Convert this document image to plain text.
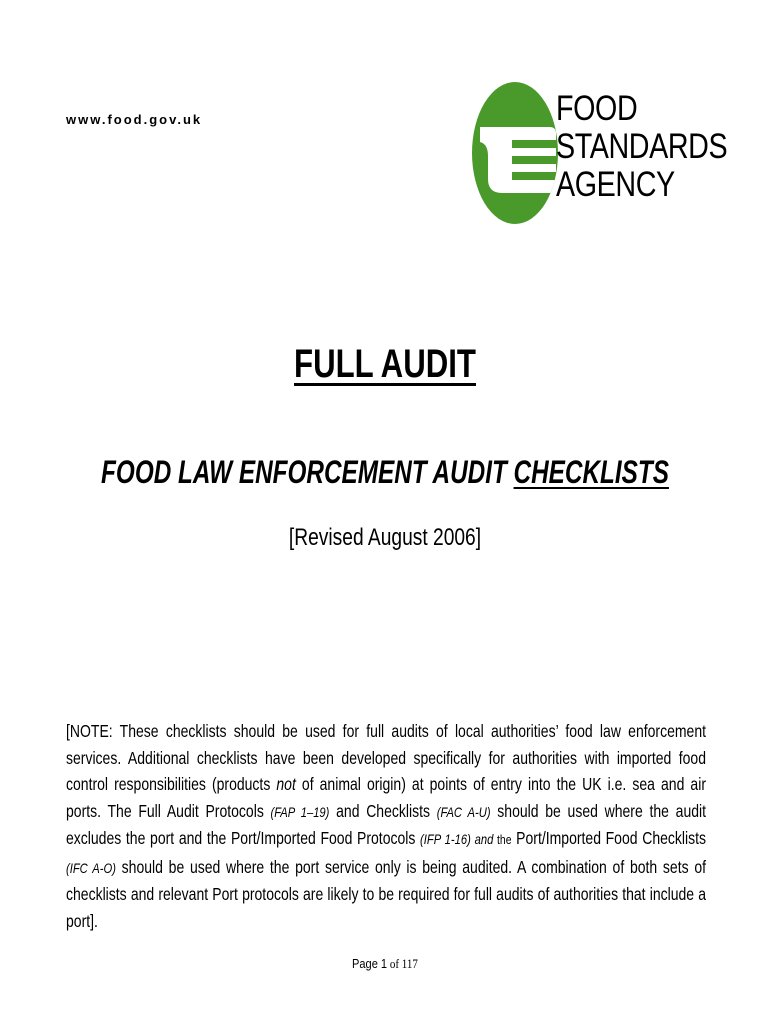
www.food.gov.uk	FOOD
STANDARDS
AGENCY
FULL AUDIT
FOOD LAW ENFORCEMENT AUDIT CHECKLISTS
[Revised August 2006]
[NOTE: These checklists should be used for full audits of local authorities’ food law enforcement services. Additional checklists have been developed specifically for authorities with imported food control responsibilities (products not of animal origin) at points of entry into the UK i.e. sea and air ports. The Full Audit Protocols (FAP 1–19) and Checklists (FAC A-U) should be used where the audit excludes the port and the Port/Imported Food Protocols (IFP 1-16) and the Port/Imported Food Checklists (IFC A-O) should be used where the port service only is being audited. A combination of both sets of checklists and relevant Port protocols are likely to be required for full audits of authorities that include a port].
Page 1 of 117
